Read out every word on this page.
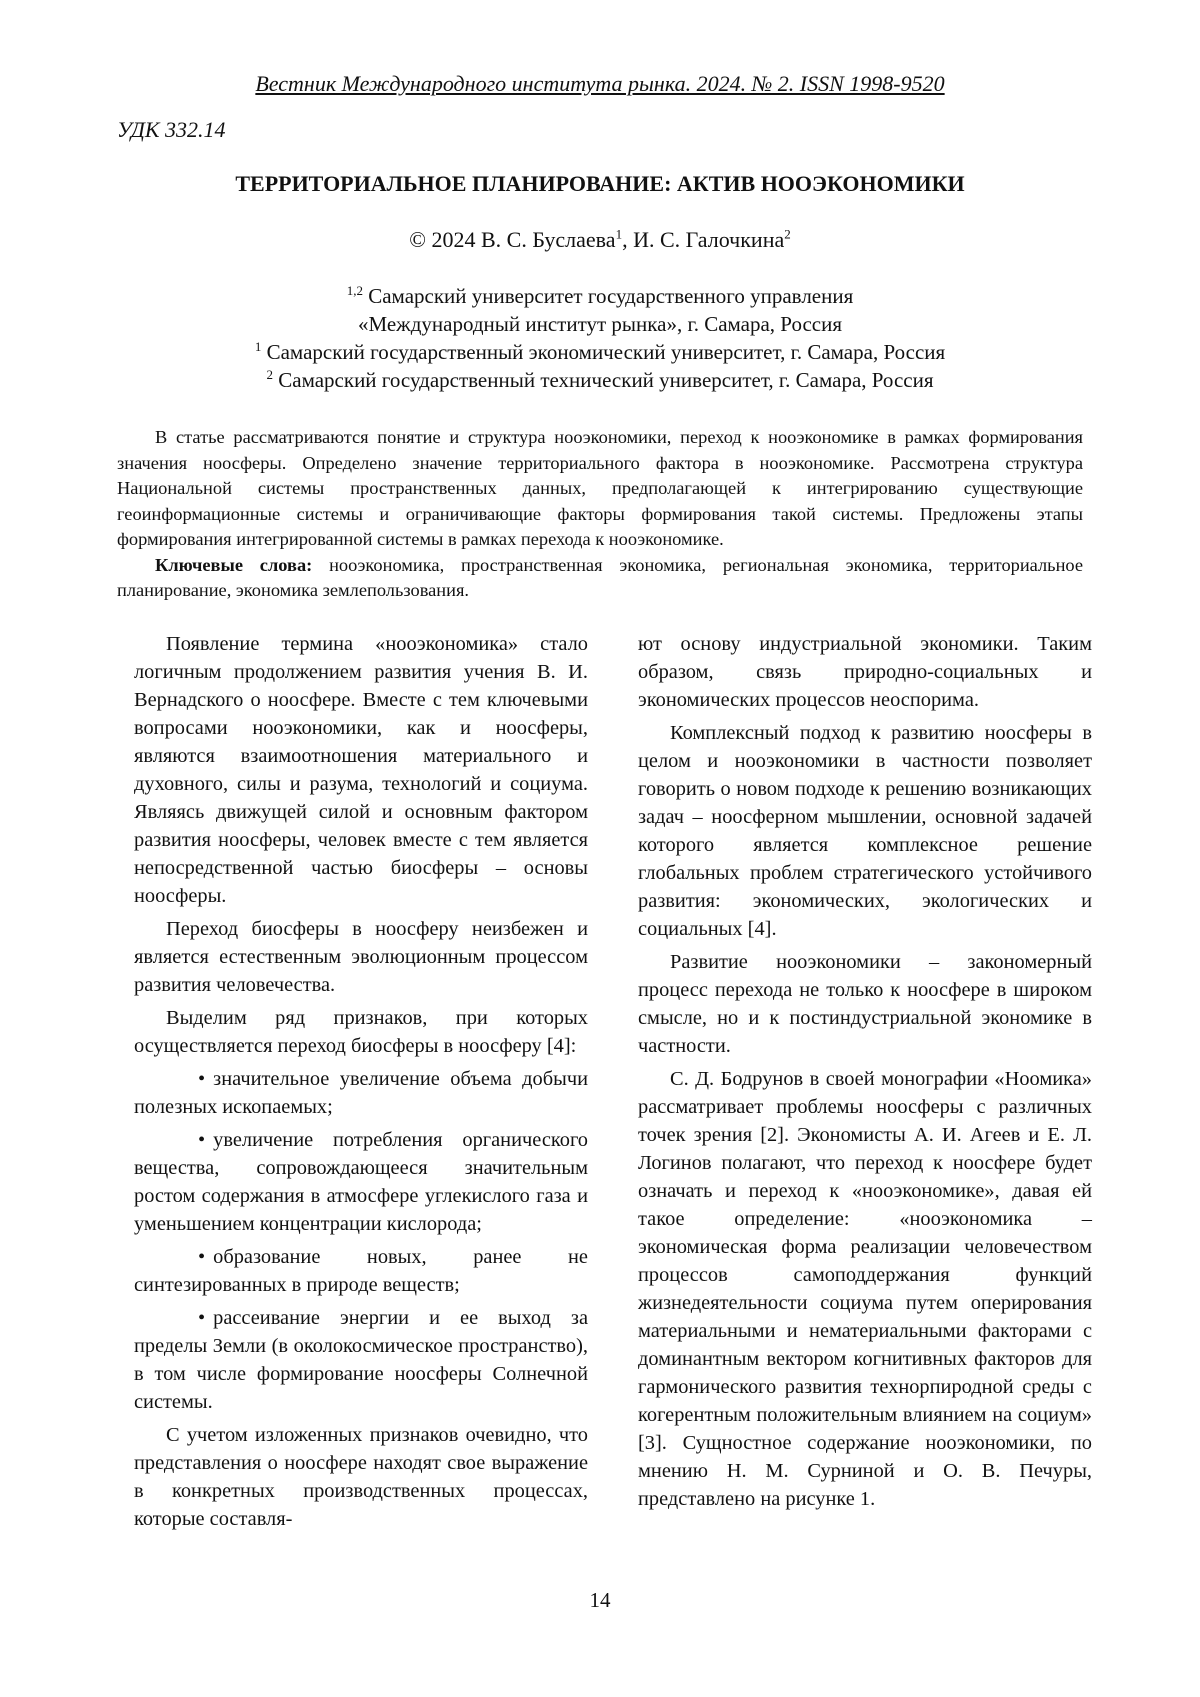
Вестник Международного института рынка. 2024. № 2. ISSN 1998-9520
УДК 332.14
ТЕРРИТОРИАЛЬНОЕ ПЛАНИРОВАНИЕ: АКТИВ НООЭКОНОМИКИ
© 2024 В. С. Буслаева$^1$, И. С. Галочкина$^2$
$^{1,2}$ Самарский университет государственного управления
«Международный институт рынка», г. Самара, Россия
$^1$ Самарский государственный экономический университет, г. Самара, Россия
$^2$ Самарский государственный технический университет, г. Самара, Россия

В статье рассматриваются понятие и структура нооэкономики, переход к нооэкономике в рамках формирования значения ноосферы. Определено значение территориального фактора в нооэкономике. Рассмотрена структура Национальной системы пространственных данных, предполагающей к интегрированию существующие геоинформационные системы и ограничивающие факторы формирования такой системы. Предложены этапы формирования интегрированной системы в рамках перехода к нооэкономике.

Ключевые слова: нооэкономика, пространственная экономика, региональная экономика, территориальное планирование, экономика землепользования.

Появление термина «нооэкономика» стало логичным продолжением развития учения В. И. Вернадского о ноосфере. Вместе с тем ключевыми вопросами нооэкономики, как и ноосферы, являются взаимоотношения материального и духовного, силы и разума, технологий и социума. Являясь движущей силой и основным фактором развития ноосферы, человек вместе с тем является непосредственной частью биосферы – основы ноосферы.

Переход биосферы в ноосферу неизбежен и является естественным эволюционным процессом развития человечества.

Выделим ряд признаков, при которых осуществляется переход биосферы в ноосферу [4]:

• значительное увеличение объема добычи полезных ископаемых;

• увеличение потребления органического вещества, сопровождающееся значительным ростом содержания в атмосфере углекислого газа и уменьшением концентрации кислорода;

• образование новых, ранее не синтезированных в природе веществ;

• рассеивание энергии и ее выход за пределы Земли (в околокосмическое пространство), в том числе формирование ноосферы Солнечной системы.

С учетом изложенных признаков очевидно, что представления о ноосфере находят свое выражение в конкретных производственных процессах, которые составля-

ют основу индустриальной экономики. Таким образом, связь природно-социальных и экономических процессов неоспорима.

Комплексный подход к развитию ноосферы в целом и нооэкономики в частности позволяет говорить о новом подходе к решению возникающих задач – ноосферном мышлении, основной задачей которого является комплексное решение глобальных проблем стратегического устойчивого развития: экономических, экологических и социальных [4].

Развитие нооэкономики – закономерный процесс перехода не только к ноосфере в широком смысле, но и к постиндустриальной экономике в частности.

С. Д. Бодрунов в своей монографии «Ноомика» рассматривает проблемы ноосферы с различных точек зрения [2]. Экономисты А. И. Агеев и Е. Л. Логинов полагают, что переход к ноосфере будет означать и переход к «нооэкономике», давая ей такое определение: «нооэкономика – экономическая форма реализации человечеством процессов самоподдержания функций жизнедеятельности социума путем оперирования материальными и нематериальными факторами с доминантным вектором когнитивных факторов для гармонического развития технорпиродной среды с когерентным положительным влиянием на социум» [3]. Сущностное содержание нооэкономики, по мнению Н. М. Сурниной и О. В. Печуры, представлено на рисунке 1.

14
